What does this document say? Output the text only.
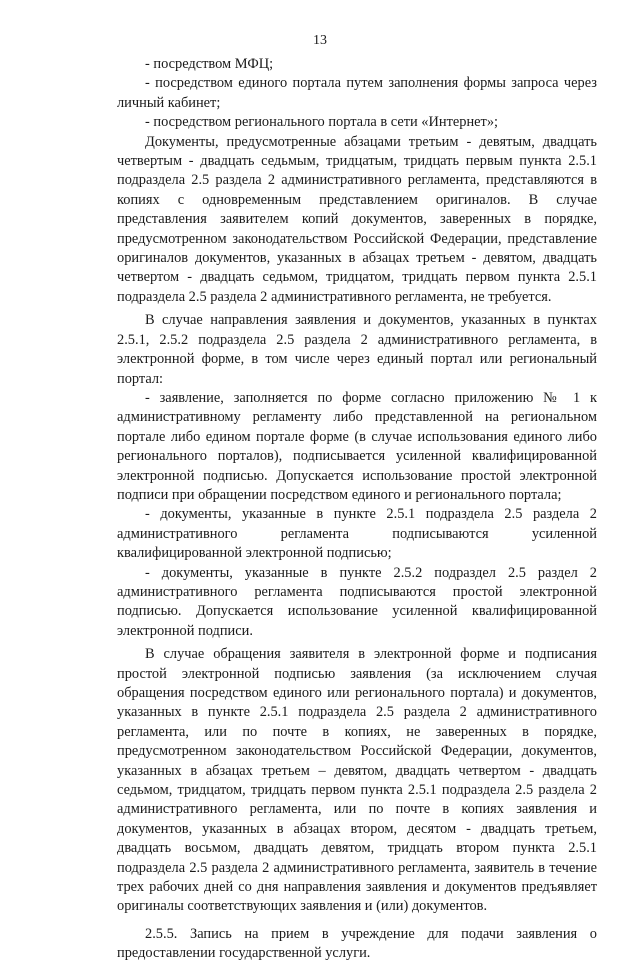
13

- посредством МФЦ;

- посредством единого портала путем заполнения формы запроса через личный кабинет;

- посредством регионального портала в сети «Интернет»;

Документы, предусмотренные абзацами третьим - девятым, двадцать четвертым - двадцать седьмым, тридцатым, тридцать первым пункта 2.5.1 подраздела 2.5 раздела 2 административного регламента, представляются в копиях с одновременным представлением оригиналов. В случае представления заявителем копий документов, заверенных в порядке, предусмотренном законодательством Российской Федерации, представление оригиналов документов, указанных в абзацах третьем - девятом, двадцать четвертом - двадцать седьмом, тридцатом, тридцать первом пункта 2.5.1 подраздела 2.5 раздела 2 административного регламента, не требуется.

В случае направления заявления и документов, указанных в пунктах 2.5.1, 2.5.2 подраздела 2.5 раздела 2 административного регламента, в электронной форме, в том числе через единый портал или региональный портал:

- заявление, заполняется по форме согласно приложению № 1 к административному регламенту либо представленной на региональном портале либо едином портале форме (в случае использования единого либо регионального порталов), подписывается усиленной квалифицированной электронной подписью. Допускается использование простой электронной подписи при обращении посредством единого и регионального портала;

- документы, указанные в пункте 2.5.1 подраздела 2.5 раздела 2 административного регламента подписываются усиленной квалифицированной электронной подписью;

- документы, указанные в пункте 2.5.2 подраздел 2.5 раздел 2 административного регламента подписываются простой электронной подписью. Допускается использование усиленной квалифицированной электронной подписи.

В случае обращения заявителя в электронной форме и подписания простой электронной подписью заявления (за исключением случая обращения посредством единого или регионального портала) и документов, указанных в пункте 2.5.1 подраздела 2.5 раздела 2 административного регламента, или по почте в копиях, не заверенных в порядке, предусмотренном законодательством Российской Федерации, документов, указанных в абзацах третьем – девятом, двадцать четвертом - двадцать седьмом, тридцатом, тридцать первом пункта 2.5.1 подраздела 2.5 раздела 2 административного регламента, или по почте в копиях заявления и документов, указанных в абзацах втором, десятом - двадцать третьем, двадцать восьмом, двадцать девятом, тридцать втором пункта 2.5.1 подраздела 2.5 раздела 2 административного регламента, заявитель в течение трех рабочих дней со дня направления заявления и документов предъявляет оригиналы соответствующих заявления и (или) документов.

2.5.5. Запись на прием в учреждение для подачи заявления о предоставлении государственной услуги.
